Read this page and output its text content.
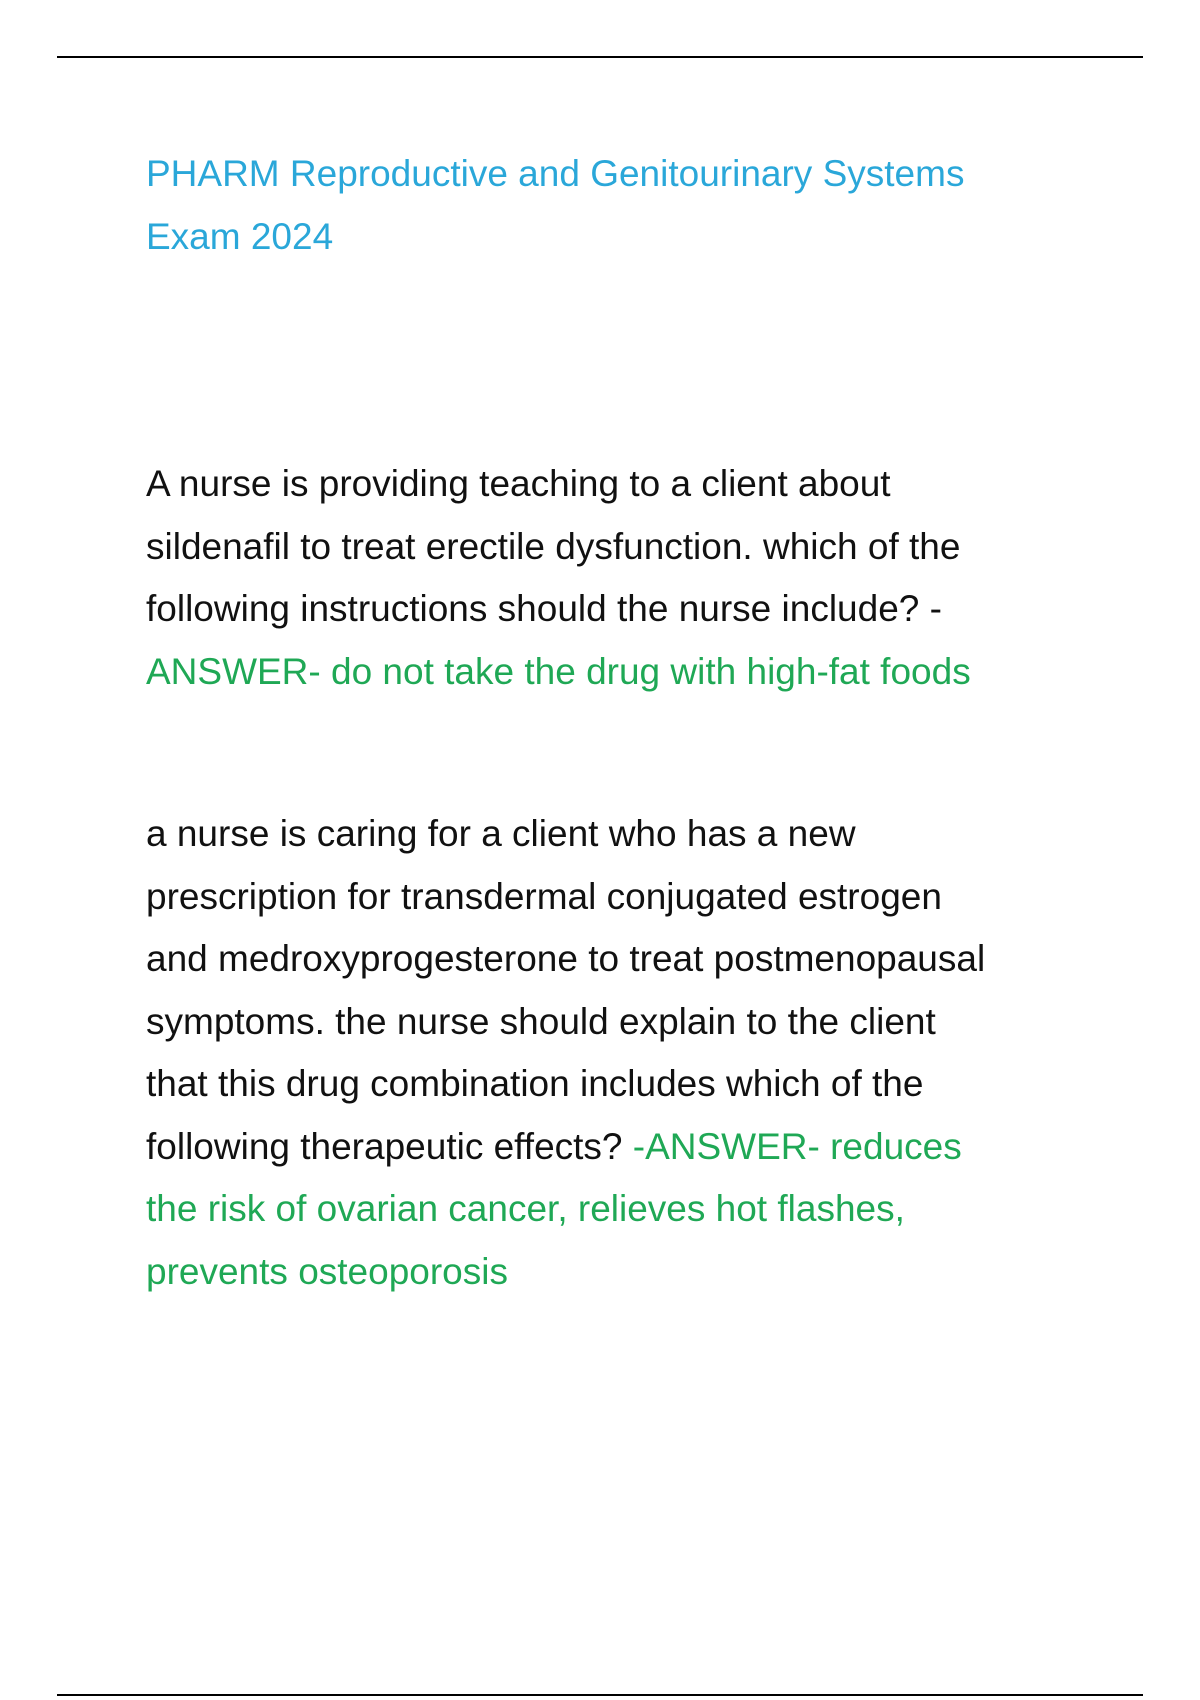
PHARM Reproductive and Genitourinary Systems
Exam 2024

A nurse is providing teaching to a client about
sildenafil to treat erectile dysfunction. which of the
following instructions should the nurse include? -
ANSWER- do not take the drug with high-fat foods

a nurse is caring for a client who has a new
prescription for transdermal conjugated estrogen
and medroxyprogesterone to treat postmenopausal
symptoms. the nurse should explain to the client
that this drug combination includes which of the
following therapeutic effects? -ANSWER- reduces
the risk of ovarian cancer, relieves hot flashes,
prevents osteoporosis
